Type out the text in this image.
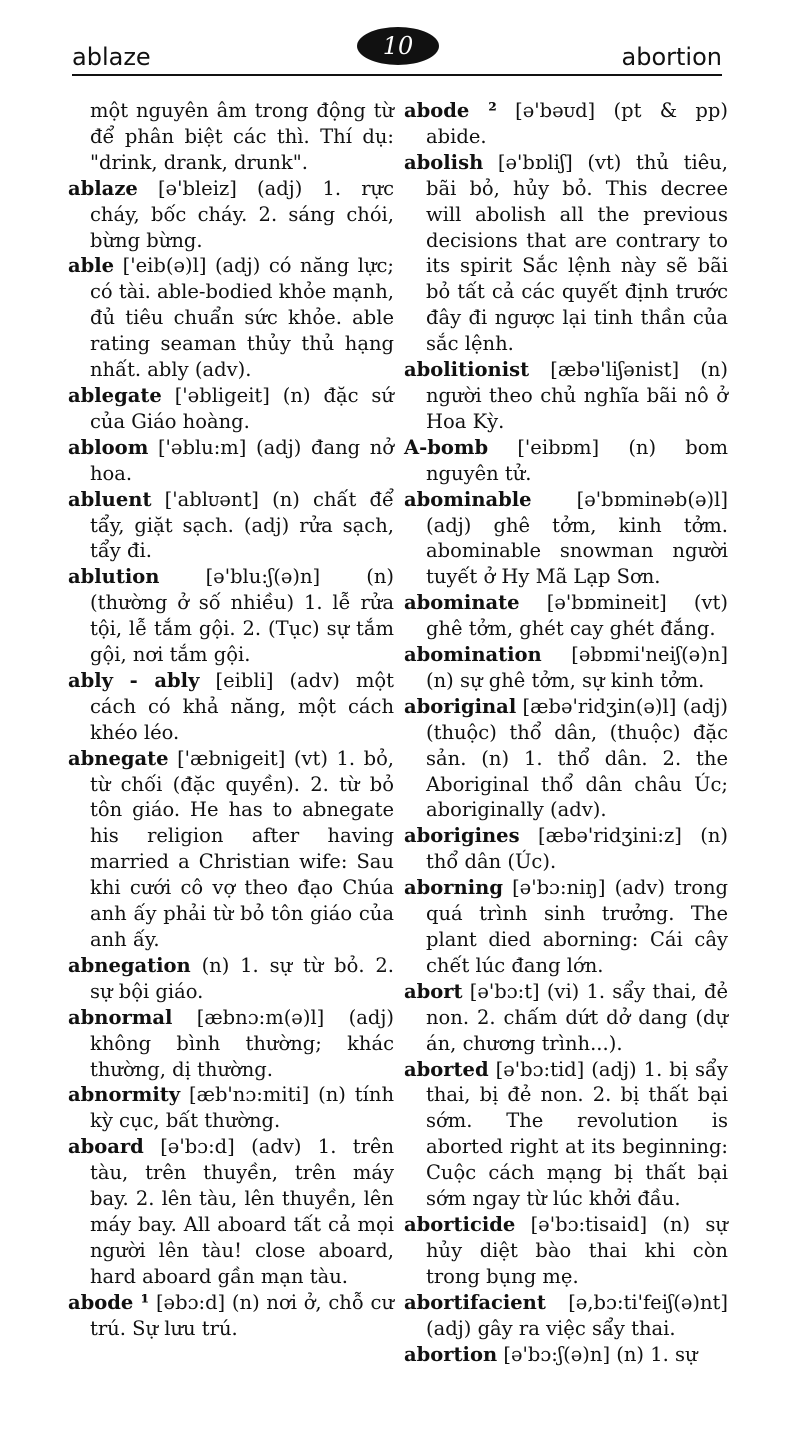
ablaze	10	abortion

một nguyên âm trong động từ để phân biệt các thì. Thí dụ: "drink, drank, drunk".

ablaze [ə'bleiz] (adj) 1. rực cháy, bốc cháy. 2. sáng chói, bừng bừng.

able ['eib(ə)l] (adj) có năng lực; có tài. able-bodied khỏe mạnh, đủ tiêu chuẩn sức khỏe. able rating seaman thủy thủ hạng nhất. ably (adv).

ablegate ['əbligeit] (n) đặc sứ của Giáo hoàng.

abloom ['əblu:m] (adj) đang nở hoa.

abluent ['ablᴜənt] (n) chất để tẩy, giặt sạch. (adj) rửa sạch, tẩy đi.

ablution [ə'blu:ʃ(ə)n] (n) (thường ở số nhiều) 1. lễ rửa tội, lễ tắm gội. 2. (Tục) sự tắm gội, nơi tắm gội.

ably - ably [eibli] (adv) một cách có khả năng, một cách khéo léo.

abnegate ['æbnigeit] (vt) 1. bỏ, từ chối (đặc quyền). 2. từ bỏ tôn giáo. He has to abnegate his religion after having married a Christian wife: Sau khi cưới cô vợ theo đạo Chúa anh ấy phải từ bỏ tôn giáo của anh ấy.

abnegation (n) 1. sự từ bỏ. 2. sự bội giáo.

abnormal [æbnɔ:m(ə)l] (adj) không bình thường; khác thường, dị thường.

abnormity [æb'nɔ:miti] (n) tính kỳ cục, bất thường.

aboard [ə'bɔ:d] (adv) 1. trên tàu, trên thuyền, trên máy bay. 2. lên tàu, lên thuyền, lên máy bay. All aboard tất cả mọi người lên tàu! close aboard, hard aboard gần mạn tàu.

abode ¹ [əbɔ:d] (n) nơi ở, chỗ cư trú. Sự lưu trú.

abode ² [ə'bəᴜd] (pt & pp) abide.

abolish [ə'bɒliʃ] (vt) thủ tiêu, bãi bỏ, hủy bỏ. This decree will abolish all the previous decisions that are contrary to its spirit Sắc lệnh này sẽ bãi bỏ tất cả các quyết định trước đây đi ngược lại tinh thần của sắc lệnh.

abolitionist [æbə'liʃənist] (n) người theo chủ nghĩa bãi nô ở Hoa Kỳ.

A-bomb ['eibɒm] (n) bom nguyên tử.

abominable [ə'bɒminəb(ə)l] (adj) ghê tởm, kinh tởm. abominable snowman người tuyết ở Hy Mã Lạp Sơn.

abominate [ə'bɒmineit] (vt) ghê tởm, ghét cay ghét đắng.

abomination [əbɒmi'neiʃ(ə)n] (n) sự ghê tởm, sự kinh tởm.

aboriginal [æbə'ridʒin(ə)l] (adj) (thuộc) thổ dân, (thuộc) đặc sản. (n) 1. thổ dân. 2. the Aboriginal thổ dân châu Úc; aboriginally (adv).

aborigines [æbə'ridʒini:z] (n) thổ dân (Úc).

aborning [ə'bɔ:niŋ] (adv) trong quá trình sinh trưởng. The plant died aborning: Cái cây chết lúc đang lớn.

abort [ə'bɔ:t] (vi) 1. sẩy thai, đẻ non. 2. chấm dứt dở dang (dự án, chương trình...).

aborted [ə'bɔ:tid] (adj) 1. bị sẩy thai, bị đẻ non. 2. bị thất bại sớm. The revolution is aborted right at its beginning: Cuộc cách mạng bị thất bại sớm ngay từ lúc khởi đầu.

aborticide [ə'bɔ:tisaid] (n) sự hủy diệt bào thai khi còn trong bụng mẹ.

abortifacient [ə,bɔ:ti'feiʃ(ə)nt] (adj) gây ra việc sẩy thai.

abortion [ə'bɔ:ʃ(ə)n] (n) 1. sự
